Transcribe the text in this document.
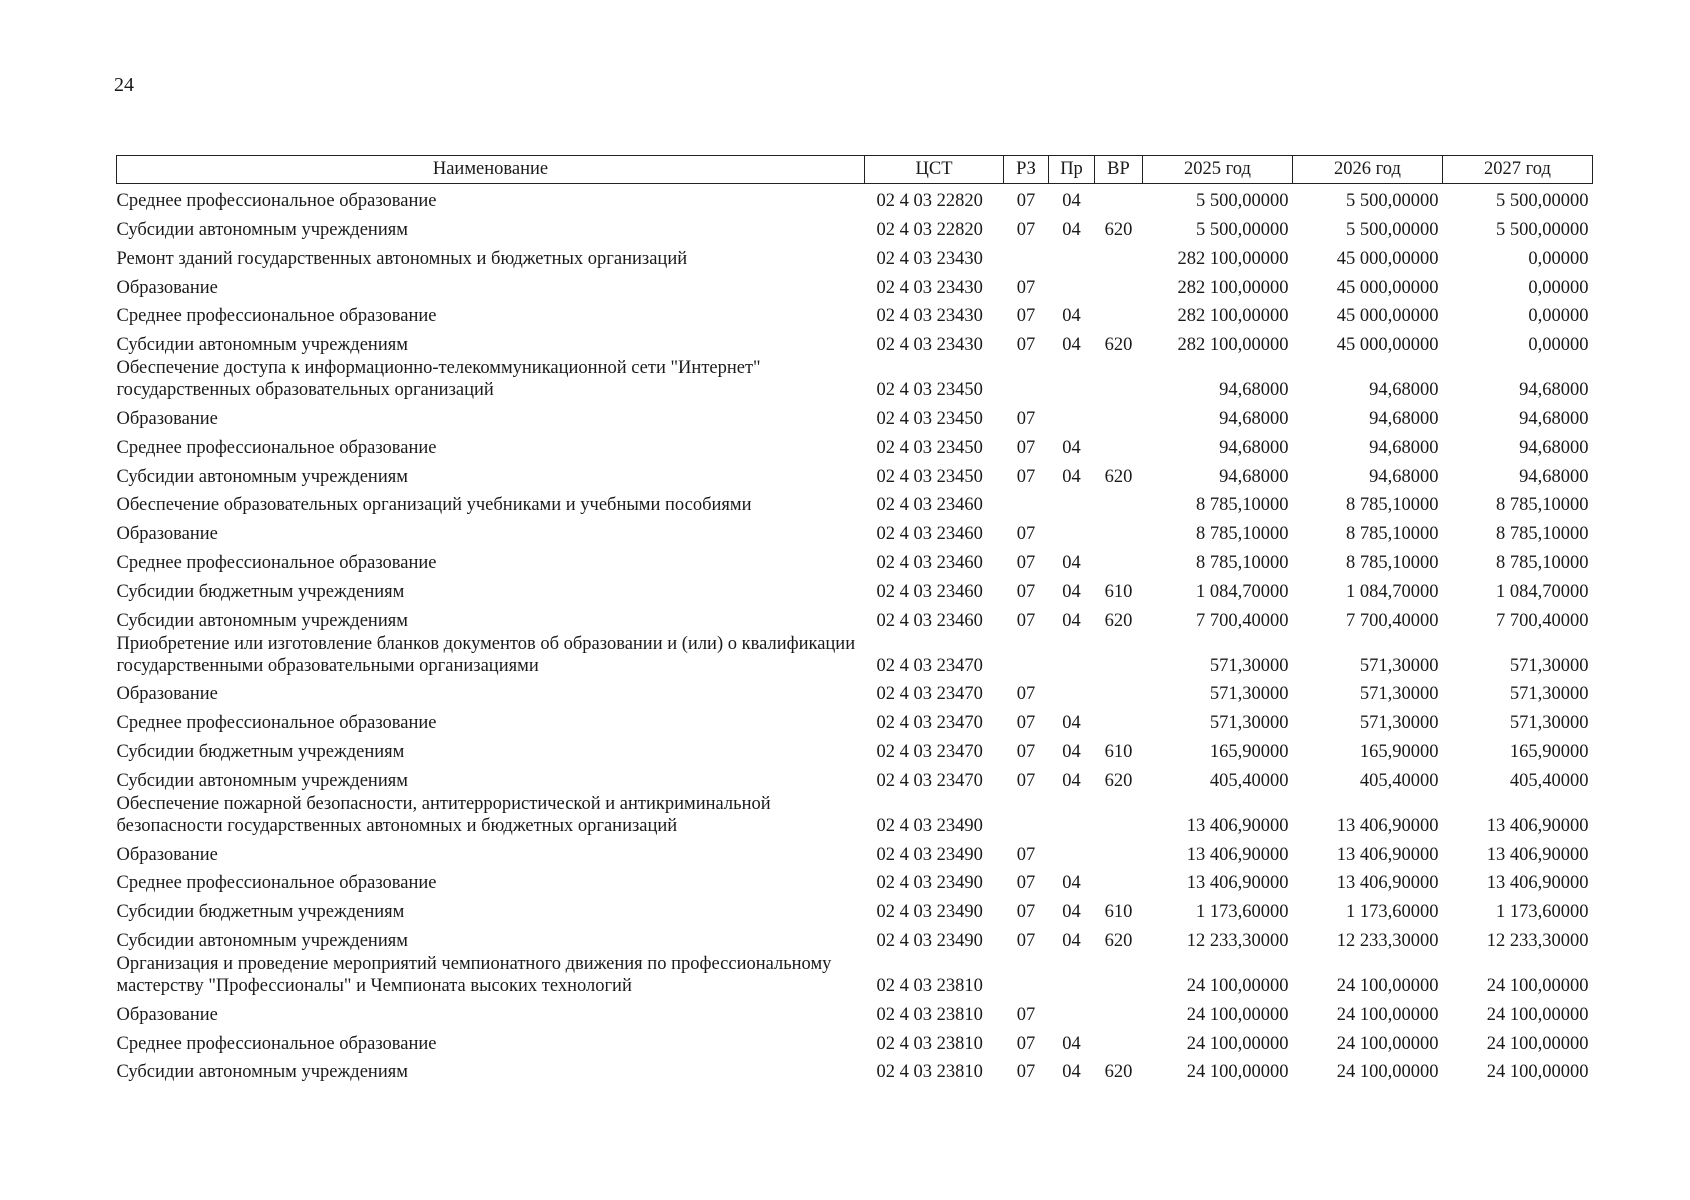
24
Наименование	ЦСТ	РЗ	Пр	ВР	2025 год	2026 год	2027 год
Среднее профессиональное образование	02 4 03 22820	07	04		5 500,00000	5 500,00000	5 500,00000
Субсидии автономным учреждениям	02 4 03 22820	07	04	620	5 500,00000	5 500,00000	5 500,00000
Ремонт зданий государственных автономных и бюджетных организаций	02 4 03 23430				282 100,00000	45 000,00000	0,00000
Образование	02 4 03 23430	07			282 100,00000	45 000,00000	0,00000
Среднее профессиональное образование	02 4 03 23430	07	04		282 100,00000	45 000,00000	0,00000
Субсидии автономным учреждениям	02 4 03 23430	07	04	620	282 100,00000	45 000,00000	0,00000
Обеспечение доступа к информационно-телекоммуникационной сети "Интернет" государственных образовательных организаций	02 4 03 23450				94,68000	94,68000	94,68000
Образование	02 4 03 23450	07			94,68000	94,68000	94,68000
Среднее профессиональное образование	02 4 03 23450	07	04		94,68000	94,68000	94,68000
Субсидии автономным учреждениям	02 4 03 23450	07	04	620	94,68000	94,68000	94,68000
Обеспечение образовательных организаций учебниками и учебными пособиями	02 4 03 23460				8 785,10000	8 785,10000	8 785,10000
Образование	02 4 03 23460	07			8 785,10000	8 785,10000	8 785,10000
Среднее профессиональное образование	02 4 03 23460	07	04		8 785,10000	8 785,10000	8 785,10000
Субсидии бюджетным учреждениям	02 4 03 23460	07	04	610	1 084,70000	1 084,70000	1 084,70000
Субсидии автономным учреждениям	02 4 03 23460	07	04	620	7 700,40000	7 700,40000	7 700,40000
Приобретение или изготовление бланков документов об образовании и (или) о квалификации государственными образовательными организациями	02 4 03 23470				571,30000	571,30000	571,30000
Образование	02 4 03 23470	07			571,30000	571,30000	571,30000
Среднее профессиональное образование	02 4 03 23470	07	04		571,30000	571,30000	571,30000
Субсидии бюджетным учреждениям	02 4 03 23470	07	04	610	165,90000	165,90000	165,90000
Субсидии автономным учреждениям	02 4 03 23470	07	04	620	405,40000	405,40000	405,40000
Обеспечение пожарной безопасности, антитеррористической и антикриминальной безопасности государственных автономных и бюджетных организаций	02 4 03 23490				13 406,90000	13 406,90000	13 406,90000
Образование	02 4 03 23490	07			13 406,90000	13 406,90000	13 406,90000
Среднее профессиональное образование	02 4 03 23490	07	04		13 406,90000	13 406,90000	13 406,90000
Субсидии бюджетным учреждениям	02 4 03 23490	07	04	610	1 173,60000	1 173,60000	1 173,60000
Субсидии автономным учреждениям	02 4 03 23490	07	04	620	12 233,30000	12 233,30000	12 233,30000
Организация и проведение мероприятий чемпионатного движения по профессиональному мастерству "Профессионалы" и Чемпионата высоких технологий	02 4 03 23810				24 100,00000	24 100,00000	24 100,00000
Образование	02 4 03 23810	07			24 100,00000	24 100,00000	24 100,00000
Среднее профессиональное образование	02 4 03 23810	07	04		24 100,00000	24 100,00000	24 100,00000
Субсидии автономным учреждениям	02 4 03 23810	07	04	620	24 100,00000	24 100,00000	24 100,00000
